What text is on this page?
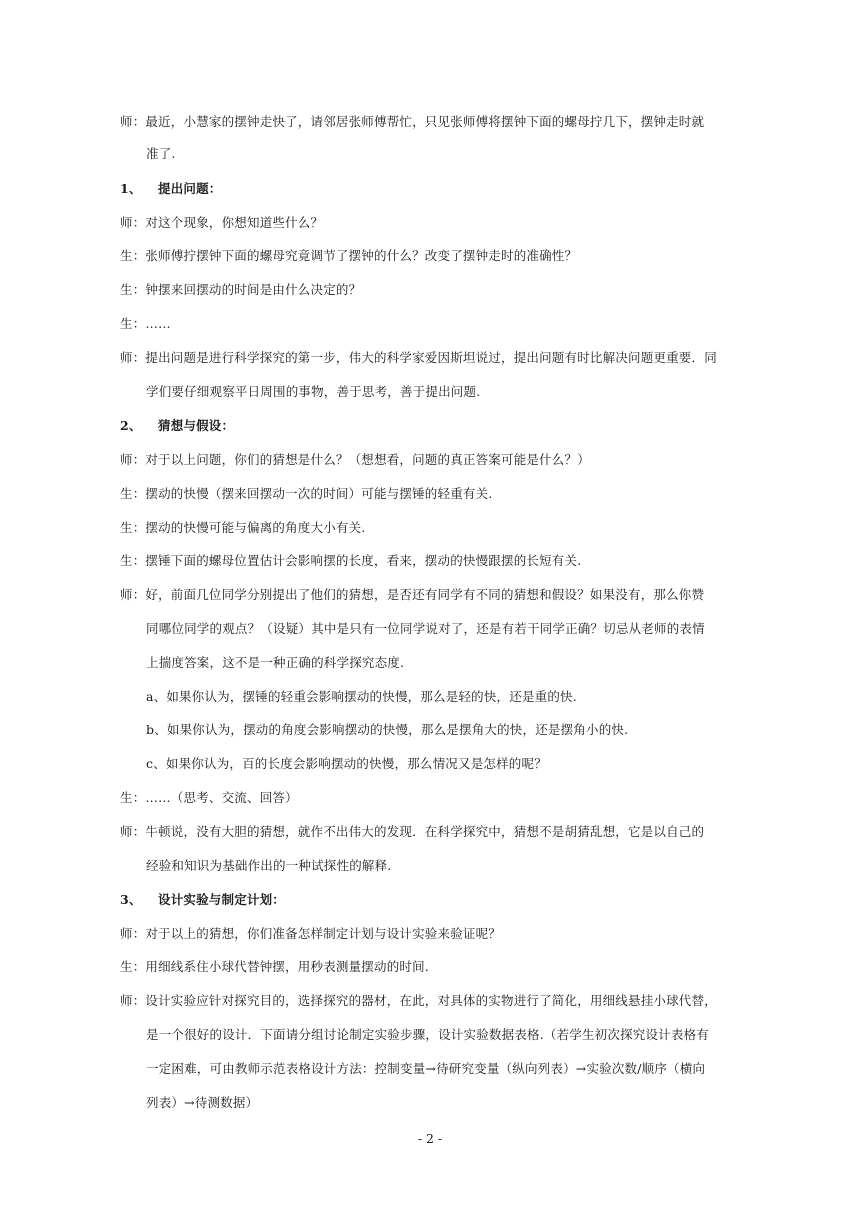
师：最近，小慧家的摆钟走快了，请邻居张师傅帮忙，只见张师傅将摆钟下面的螺母拧几下，摆钟走时就
准了.
1、 提出问题：
师：对这个现象，你想知道些什么？
生：张师傅拧摆钟下面的螺母究竟调节了摆钟的什么？改变了摆钟走时的准确性？
生：钟摆来回摆动的时间是由什么决定的？
生：……
师：提出问题是进行科学探究的第一步，伟大的科学家爱因斯坦说过，提出问题有时比解决问题更重要．同
学们要仔细观察平日周围的事物，善于思考，善于提出问题.
2、 猜想与假设：
师：对于以上问题，你们的猜想是什么？（想想看，问题的真正答案可能是什么？）
生：摆动的快慢（摆来回摆动一次的时间）可能与摆锤的轻重有关.
生：摆动的快慢可能与偏离的角度大小有关.
生：摆锤下面的螺母位置估计会影响摆的长度，看来，摆动的快慢跟摆的长短有关.
师：好，前面几位同学分别提出了他们的猜想，是否还有同学有不同的猜想和假设？如果没有，那么你赞
同哪位同学的观点？（设疑）其中是只有一位同学说对了，还是有若干同学正确？切忌从老师的表情
上揣度答案，这不是一种正确的科学探究态度.
a、如果你认为，摆锤的轻重会影响摆动的快慢，那么是轻的快，还是重的快.
b、如果你认为，摆动的角度会影响摆动的快慢，那么是摆角大的快，还是摆角小的快.
c、如果你认为，百的长度会影响摆动的快慢，那么情况又是怎样的呢？
生：……（思考、交流、回答）
师：牛顿说，没有大胆的猜想，就作不出伟大的发现．在科学探究中，猜想不是胡猜乱想，它是以自己的
经验和知识为基础作出的一种试探性的解释.
3、 设计实验与制定计划：
师：对于以上的猜想，你们准备怎样制定计划与设计实验来验证呢？
生：用细线系住小球代替钟摆，用秒表测量摆动的时间.
师：设计实验应针对探究目的，选择探究的器材，在此，对具体的实物进行了简化，用细线悬挂小球代替，
是一个很好的设计．下面请分组讨论制定实验步骤，设计实验数据表格.（若学生初次探究设计表格有
一定困难，可由教师示范表格设计方法：控制变量→待研究变量（纵向列表）→实验次数/顺序（横向
列表）→待测数据）
- 2 -
